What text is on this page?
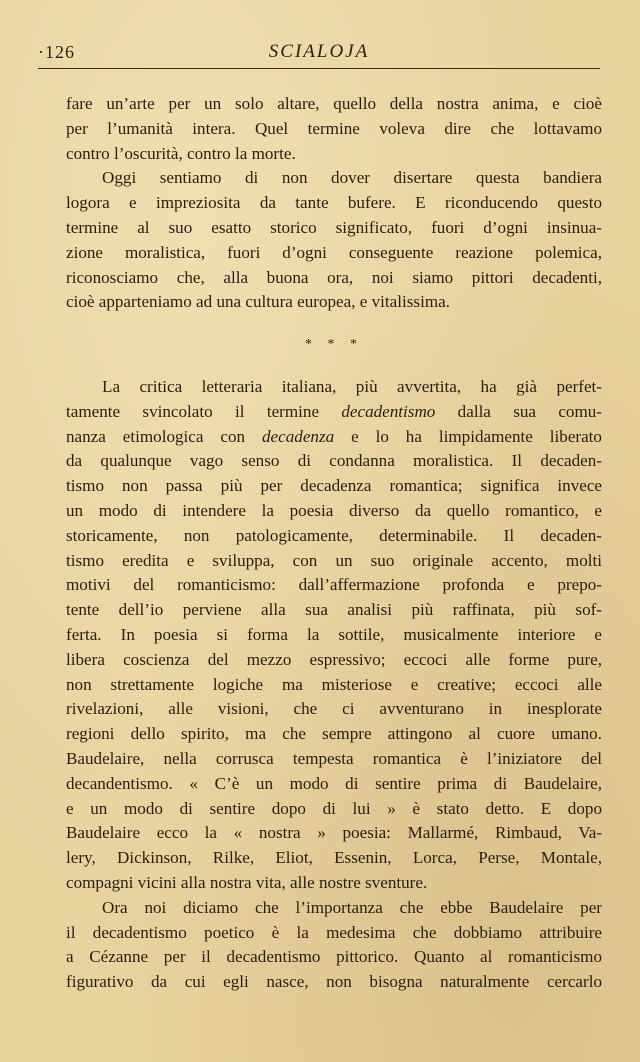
·126	SCIALOJA

fare un’arte per un solo altare, quello della nostra anima, e cioè
per l’umanità intera. Quel termine voleva dire che lottavamo
contro l’oscurità, contro la morte.

Oggi sentiamo di non dover disertare questa bandiera
logora e impreziosita da tante bufere. E riconducendo questo
termine al suo esatto storico significato, fuori d’ogni insinua-
zione moralistica, fuori d’ogni conseguente reazione polemica,
riconosciamo che, alla buona ora, noi siamo pittori decadenti,
cioè apparteniamo ad una cultura europea, e vitalissima.

* * *

La critica letteraria italiana, più avvertita, ha già perfet-
tamente svincolato il termine decadentismo dalla sua comu-
nanza etimologica con decadenza e lo ha limpidamente liberato
da qualunque vago senso di condanna moralistica. Il decaden-
tismo non passa più per decadenza romantica; significa invece
un modo di intendere la poesia diverso da quello romantico, e
storicamente, non patologicamente, determinabile. Il decaden-
tismo eredita e sviluppa, con un suo originale accento, molti
motivi del romanticismo: dall’affermazione profonda e prepo-
tente dell’io perviene alla sua analisi più raffinata, più sof-
ferta. In poesia si forma la sottile, musicalmente interiore e
libera coscienza del mezzo espressivo; eccoci alle forme pure,
non strettamente logiche ma misteriose e creative; eccoci alle
rivelazioni, alle visioni, che ci avventurano in inesplorate
regioni dello spirito, ma che sempre attingono al cuore umano.
Baudelaire, nella corrusca tempesta romantica è l’iniziatore del
decandentismo. « C’è un modo di sentire prima di Baudelaire,
e un modo di sentire dopo di lui » è stato detto. E dopo
Baudelaire ecco la « nostra » poesia: Mallarmé, Rimbaud, Va-
lery, Dickinson, Rilke, Eliot, Essenin, Lorca, Perse, Montale,
compagni vicini alla nostra vita, alle nostre sventure.

Ora noi diciamo che l’importanza che ebbe Baudelaire per
il decadentismo poetico è la medesima che dobbiamo attribuire
a Cézanne per il decadentismo pittorico. Quanto al romanticismo
figurativo da cui egli nasce, non bisogna naturalmente cercarlo
